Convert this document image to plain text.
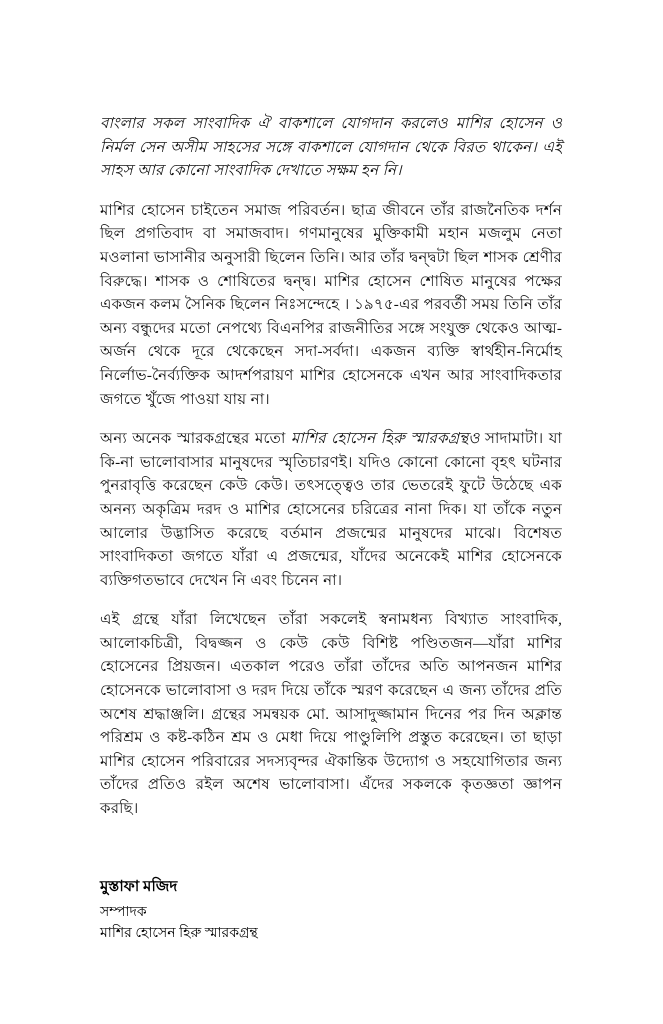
বাংলার সকল সাংবাদিক ঐ বাকশালে যোগদান করলেও মাশির হোসেন ও নির্মল সেন অসীম সাহসের সঙ্গে বাকশালে যোগদান থেকে বিরত থাকেন। এই সাহস আর কোনো সাংবাদিক দেখাতে সক্ষম হন নি।

মাশির হোসেন চাইতেন সমাজ পরিবর্তন। ছাত্র জীবনে তাঁর রাজনৈতিক দর্শন ছিল প্রগতিবাদ বা সমাজবাদ। গণমানুষের মুক্তিকামী মহান মজলুম নেতা মওলানা ভাসানীর অনুসারী ছিলেন তিনি। আর তাঁর দ্বন্দ্বটা ছিল শাসক শ্রেণীর বিরুদ্ধে। শাসক ও শোষিতের দ্বন্দ্ব। মাশির হোসেন শোষিত মানুষের পক্ষের একজন কলম সৈনিক ছিলেন নিঃসন্দেহে । ১৯৭৫-এর পরবর্তী সময় তিনি তাঁর অন্য বন্ধুদের মতো নেপথ্যে বিএনপির রাজনীতির সঙ্গে সংযুক্ত থেকেও আত্ম-অর্জন থেকে দূরে থেকেছেন সদা-সর্বদা। একজন ব্যক্তি স্বার্থহীন-নির্মোহ নির্লোভ-নৈর্ব্যক্তিক আদর্শপরায়ণ মাশির হোসেনকে এখন আর সাংবাদিকতার জগতে খুঁজে পাওয়া যায় না।

অন্য অনেক স্মারকগ্রন্থের মতো মাশির হোসেন হিরু স্মারকগ্রন্থও সাদামাটা। যা কি-না ভালোবাসার মানুষদের স্মৃতিচারণই। যদিও কোনো কোনো বৃহৎ ঘটনার পুনরাবৃত্তি করেছেন কেউ কেউ। তৎসত্ত্বেও তার ভেতরেই ফুটে উঠেছে এক অনন্য অকৃত্রিম দরদ ও মাশির হোসেনের চরিত্রের নানা দিক। যা তাঁকে নতুন আলোর উদ্ভাসিত করেছে বর্তমান প্রজন্মের মানুষদের মাঝে। বিশেষত সাংবাদিকতা জগতে যাঁরা এ প্রজন্মের, যাঁদের অনেকেই মাশির হোসেনকে ব্যক্তিগতভাবে দেখেন নি এবং চিনেন না।

এই গ্রন্থে যাঁরা লিখেছেন তাঁরা সকলেই স্বনামধন্য বিখ্যাত সাংবাদিক, আলোকচিত্রী, বিদ্বজ্জন ও কেউ কেউ বিশিষ্ট পণ্ডিতজন—যাঁরা মাশির হোসেনের প্রিয়জন। এতকাল পরেও তাঁরা তাঁদের অতি আপনজন মাশির হোসেনকে ভালোবাসা ও দরদ দিয়ে তাঁকে স্মরণ করেছেন এ জন্য তাঁদের প্রতি অশেষ শ্রদ্ধাঞ্জলি। গ্রন্থের সমন্বয়ক মো. আসাদুজ্জামান দিনের পর দিন অক্লান্ত পরিশ্রম ও কষ্ট-কঠিন শ্রম ও মেধা দিয়ে পাণ্ডুলিপি প্রস্তুত করেছেন। তা ছাড়া মাশির হোসেন পরিবারের সদস্যবৃন্দর ঐকান্তিক উদ্যোগ ও সহযোগিতার জন্য তাঁদের প্রতিও রইল অশেষ ভালোবাসা। এঁদের সকলকে কৃতজ্ঞতা জ্ঞাপন করছি।

মুস্তাফা মজিদ

সম্পাদক

মাশির হোসেন হিরু স্মারকগ্রন্থ
